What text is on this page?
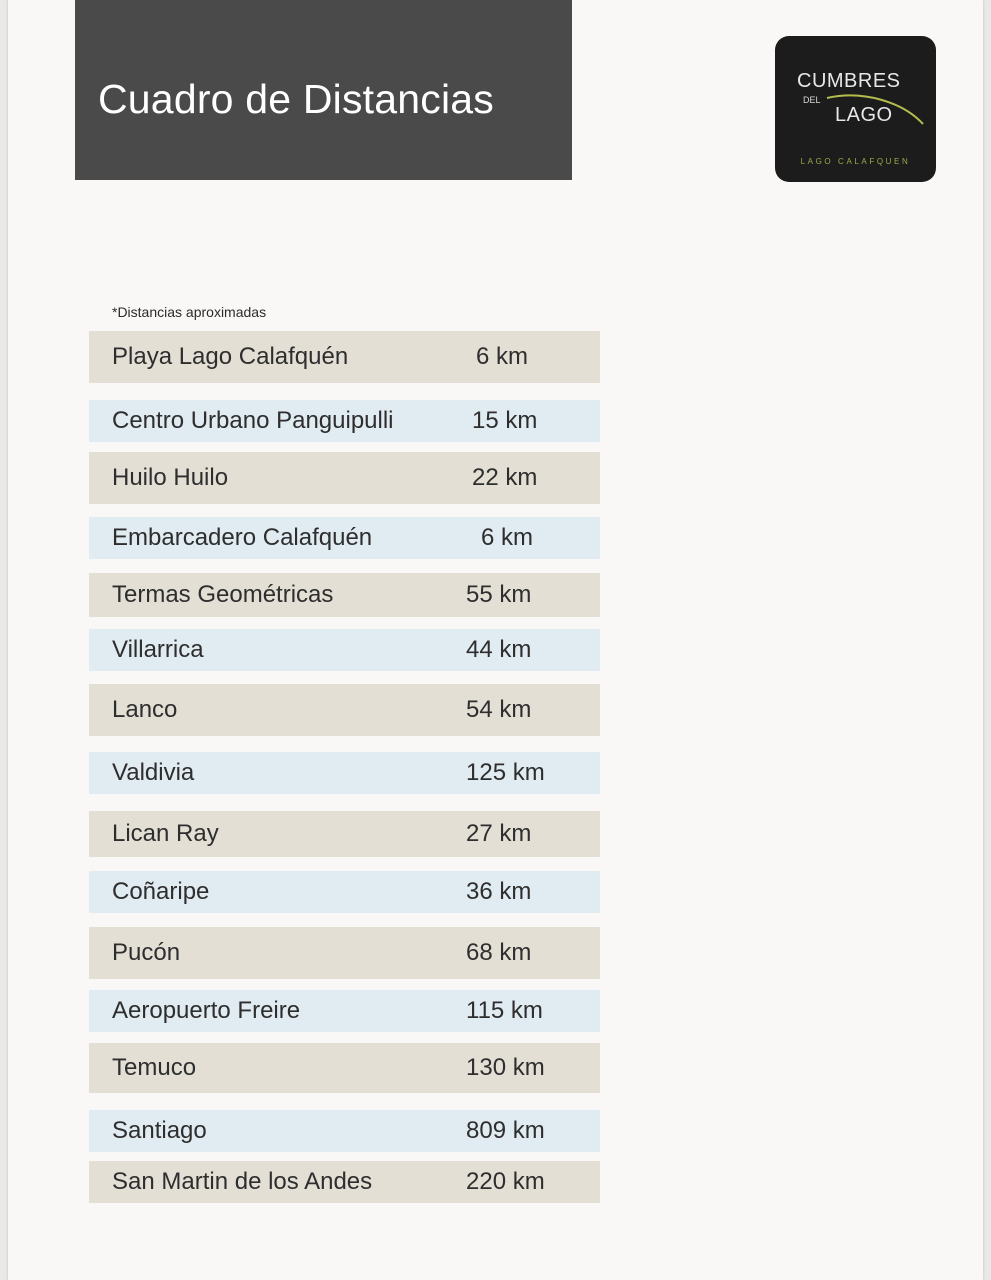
Cuadro de Distancias	CUMBRES
DEL
LAGO
LAGO CALAFQUEN
*Distancias aproximadas
Playa Lago Calafquén	6 km
Centro Urbano Panguipulli	15 km
Huilo Huilo	22 km
Embarcadero Calafquén	6 km
Termas Geométricas	55 km
Villarrica	44 km
Lanco	54 km
Valdivia	125 km
Lican Ray	27 km
Coñaripe	36 km
Pucón	68 km
Aeropuerto Freire	115 km
Temuco	130 km
Santiago	809 km
San Martin de los Andes	220 km
